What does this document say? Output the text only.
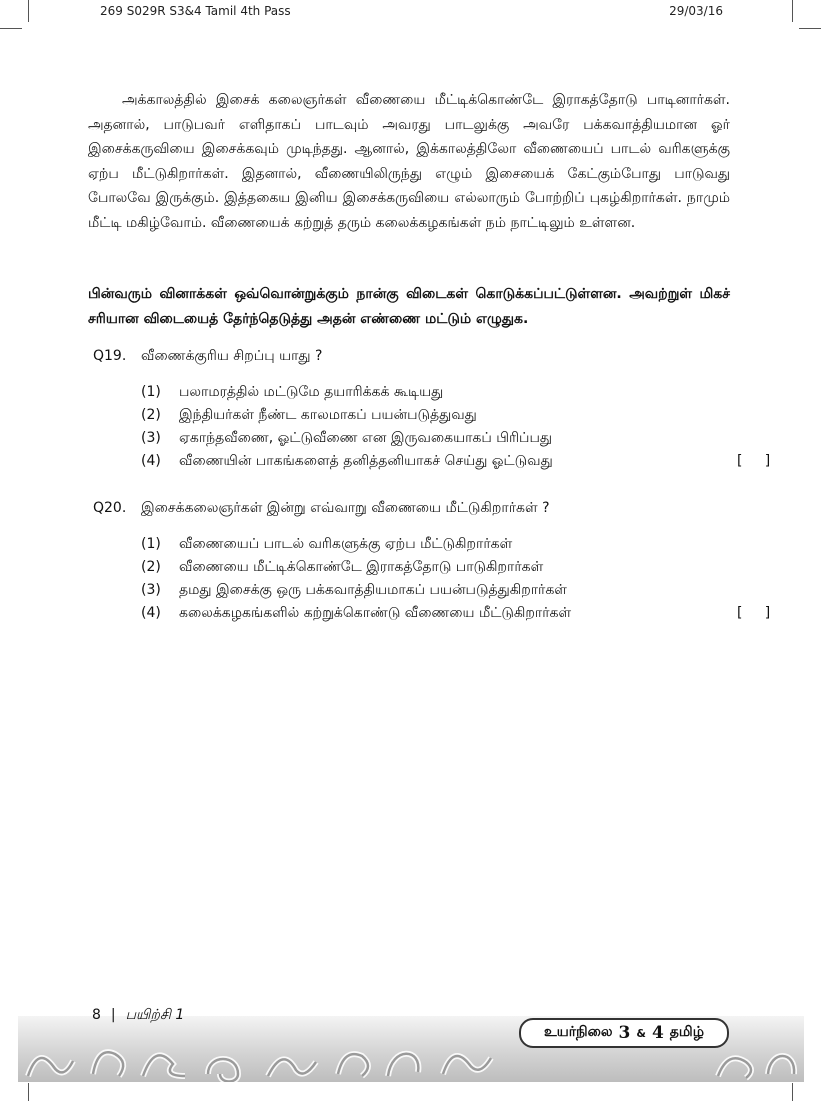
269 S029R S3&4 Tamil 4th Pass	29/03/16

அக்காலத்தில் இசைக் கலைஞர்கள் வீணையை மீட்டிக்கொண்டே இராகத்தோடு பாடினார்கள். அதனால், பாடுபவர் எளிதாகப் பாடவும் அவரது பாடலுக்கு அவரே பக்கவாத்தியமான ஓர் இசைக்கருவியை இசைக்கவும் முடிந்தது. ஆனால், இக்காலத்திலோ வீணையைப் பாடல் வரிகளுக்கு ஏற்ப மீட்டுகிறார்கள். இதனால், வீணையிலிருந்து எழும் இசையைக் கேட்கும்போது பாடுவது போலவே இருக்கும். இத்தகைய இனிய இசைக்கருவியை எல்லாரும் போற்றிப் புகழ்கிறார்கள். நாமும் மீட்டி மகிழ்வோம். வீணையைக் கற்றுத் தரும் கலைக்கழகங்கள் நம் நாட்டிலும் உள்ளன.

பின்வரும் வினாக்கள் ஒவ்வொன்றுக்கும் நான்கு விடைகள் கொடுக்கப்பட்டுள்ளன. அவற்றுள் மிகச் சரியான விடையைத் தேர்ந்தெடுத்து அதன் எண்ணை மட்டும் எழுதுக.
Q19.	வீணைக்குரிய சிறப்பு யாது ?
(1)	பலாமரத்தில் மட்டுமே தயாரிக்கக் கூடியது
(2)	இந்தியர்கள் நீண்ட காலமாகப் பயன்படுத்துவது
(3)	ஏகாந்தவீணை, ஓட்டுவீணை என இருவகையாகப் பிரிப்பது
(4)	வீணையின் பாகங்களைத் தனித்தனியாகச் செய்து ஓட்டுவது	[     ]
Q20.	இசைக்கலைஞர்கள் இன்று எவ்வாறு வீணையை மீட்டுகிறார்கள் ?
(1)	வீணையைப் பாடல் வரிகளுக்கு ஏற்ப மீட்டுகிறார்கள்
(2)	வீணையை மீட்டிக்கொண்டே இராகத்தோடு பாடுகிறார்கள்
(3)	தமது இசைக்கு ஒரு பக்கவாத்தியமாகப் பயன்படுத்துகிறார்கள்
(4)	கலைக்கழகங்களில் கற்றுக்கொண்டு வீணையை மீட்டுகிறார்கள்	[     ]
8 | பயிற்சி 1
உயர்நிலை 3 & 4 தமிழ்
